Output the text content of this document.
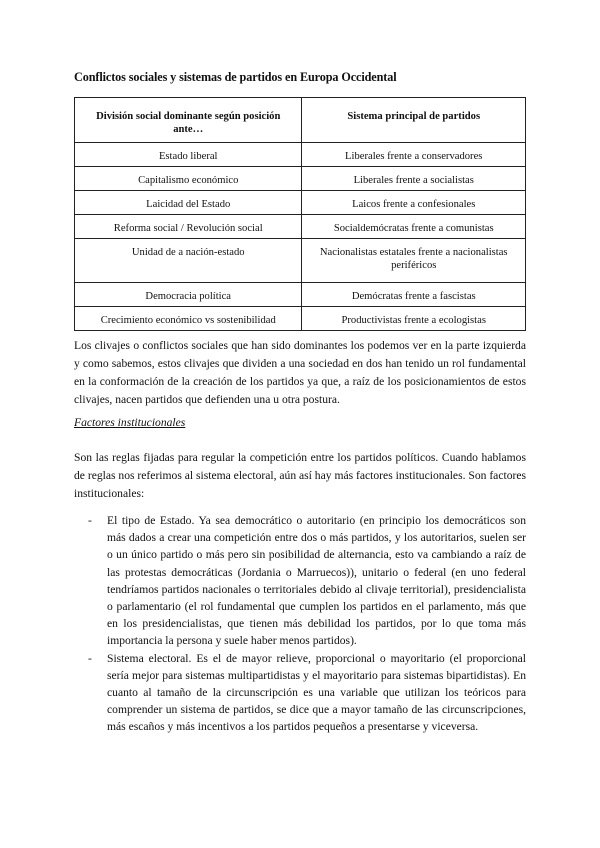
Conflictos sociales y sistemas de partidos en Europa Occidental
División social dominante según posición ante…	Sistema principal de partidos
Estado liberal	Liberales frente a conservadores
Capitalismo económico	Liberales frente a socialistas
Laicidad del Estado	Laicos frente a confesionales
Reforma social / Revolución social	Socialdemócratas frente a comunistas
Unidad de a nación-estado	Nacionalistas estatales frente a nacionalistas periféricos
Democracia política	Demócratas frente a fascistas
Crecimiento económico vs sostenibilidad	Productivistas frente a ecologistas

Los clivajes o conflictos sociales que han sido dominantes los podemos ver en la parte izquierda y como sabemos, estos clivajes que dividen a una sociedad en dos han tenido un rol fundamental en la conformación de la creación de los partidos ya que, a raíz de los posicionamientos de estos clivajes, nacen partidos que defienden una u otra postura.

Factores institucionales

Son las reglas fijadas para regular la competición entre los partidos políticos. Cuando hablamos de reglas nos referimos al sistema electoral, aún así hay más factores institucionales. Son factores institucionales:

- El tipo de Estado. Ya sea democrático o autoritario (en principio los democráticos son más dados a crear una competición entre dos o más partidos, y los autoritarios, suelen ser o un único partido o más pero sin posibilidad de alternancia, esto va cambiando a raíz de las protestas democráticas (Jordania o Marruecos)), unitario o federal (en uno federal tendríamos partidos nacionales o territoriales debido al clivaje territorial), presidencialista o parlamentario (el rol fundamental que cumplen los partidos en el parlamento, más que en los presidencialistas, que tienen más debilidad los partidos, por lo que toma más importancia la persona y suele haber menos partidos).
- Sistema electoral. Es el de mayor relieve, proporcional o mayoritario (el proporcional sería mejor para sistemas multipartidistas y el mayoritario para sistemas bipartidistas). En cuanto al tamaño de la circunscripción es una variable que utilizan los teóricos para comprender un sistema de partidos, se dice que a mayor tamaño de las circunscripciones, más escaños y más incentivos a los partidos pequeños a presentarse y viceversa.
